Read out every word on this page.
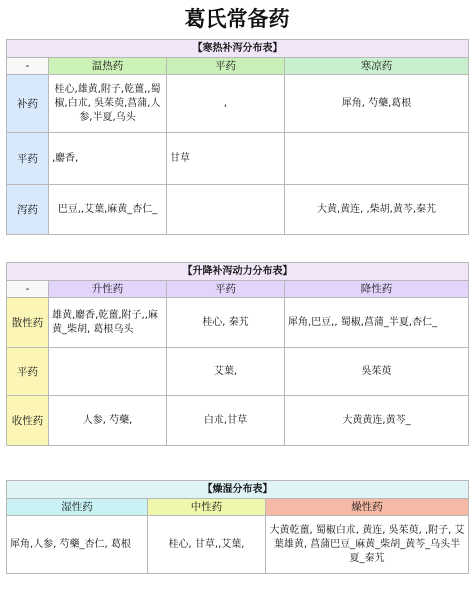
葛氏常备药
【寒热补泻分布表】			
-	温热药	平药	寒凉药
补药	桂心,雄黄,附子,乾薑,,蜀椒,白朮, 吳茱萸,菖蒲,人参,半夏,乌头	,	犀角, 芍藥,葛根
平药	,麝香,	甘草	
泻药	巴豆,,艾葉,麻黄_杏仁_		大黄,黄连, ,柴胡,黄芩,秦艽
【升降补泻动力分布表】			
-	升性药	平药	降性药
散性药	雄黄,麝香,乾薑,附子,,麻黄_柴胡, 葛根乌头	桂心, 秦艽	犀角,巴豆,, 蜀椒,菖蒲_半夏,杏仁_
平药		艾葉,	吳茱萸
收性药	人参, 芍藥,	白朮,甘草	大黄黄连,黄芩_
【燥湿分布表】		
湿性药	中性药	燥性药
犀角,人参, 芍藥_杏仁, 葛根	桂心, 甘草,,艾葉,	大黄乾薑, 蜀椒白朮, 黄连, 吳茱萸, ,附子, 艾葉雄黄, 菖蒲巴豆_麻黄_柴胡_黄芩_乌头半夏_秦艽
